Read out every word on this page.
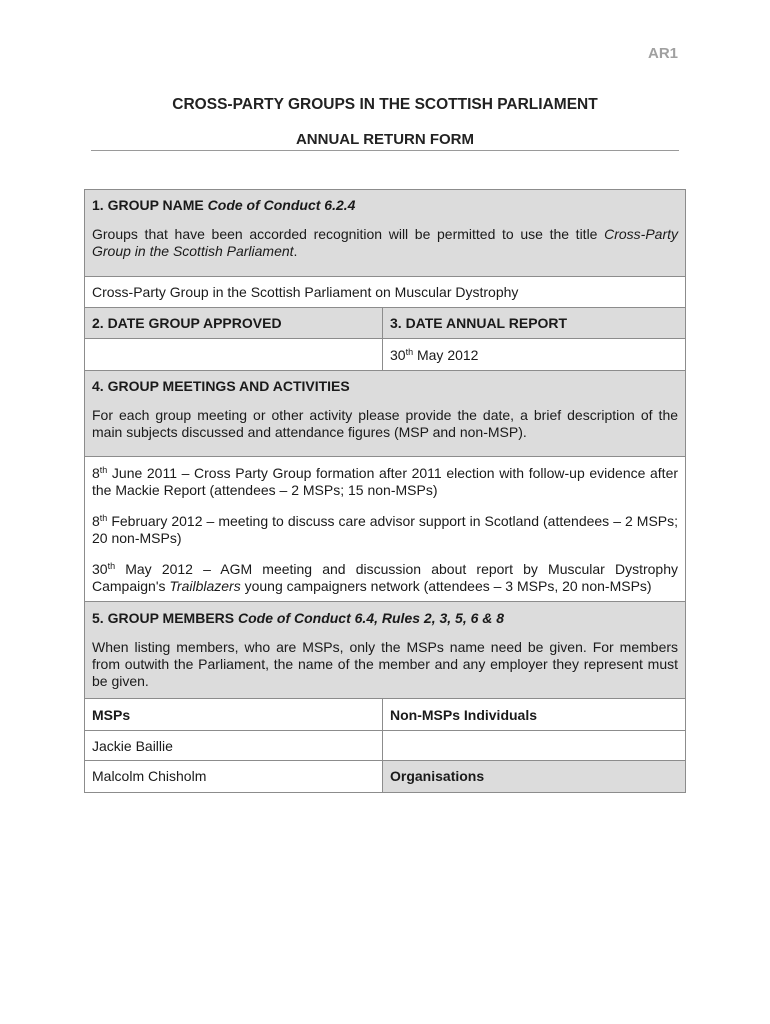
AR1
CROSS-PARTY GROUPS IN THE SCOTTISH PARLIAMENT
ANNUAL RETURN FORM
1. GROUP NAME Code of Conduct 6.2.4
Groups that have been accorded recognition will be permitted to use the title Cross-Party Group in the Scottish Parliament.	

Cross-Party Group in the Scottish Parliament on Muscular Dystrophy	
2. DATE GROUP APPROVED	3. DATE ANNUAL REPORT
	30th May 2012

4. GROUP MEETINGS AND ACTIVITIES
For each group meeting or other activity please provide the date, a brief description of the main subjects discussed and attendance figures (MSP and non-MSP).	

8th June 2011 – Cross Party Group formation after 2011 election with follow-up evidence after the Mackie Report (attendees – 2 MSPs; 15 non-MSPs)

8th February 2012 – meeting to discuss care advisor support in Scotland (attendees – 2 MSPs; 20 non-MSPs)

30th May 2012 – AGM meeting and discussion about report by Muscular Dystrophy Campaign's Trailblazers young campaigners network (attendees – 3 MSPs, 20 non-MSPs)	

5. GROUP MEMBERS Code of Conduct 6.4, Rules 2, 3, 5, 6 & 8
When listing members, who are MSPs, only the MSPs name need be given. For members from outwith the Parliament, the name of the member and any employer they represent must be given.	

MSPs	Non-MSPs Individuals
Jackie Baillie	
Malcolm Chisholm	Organisations
